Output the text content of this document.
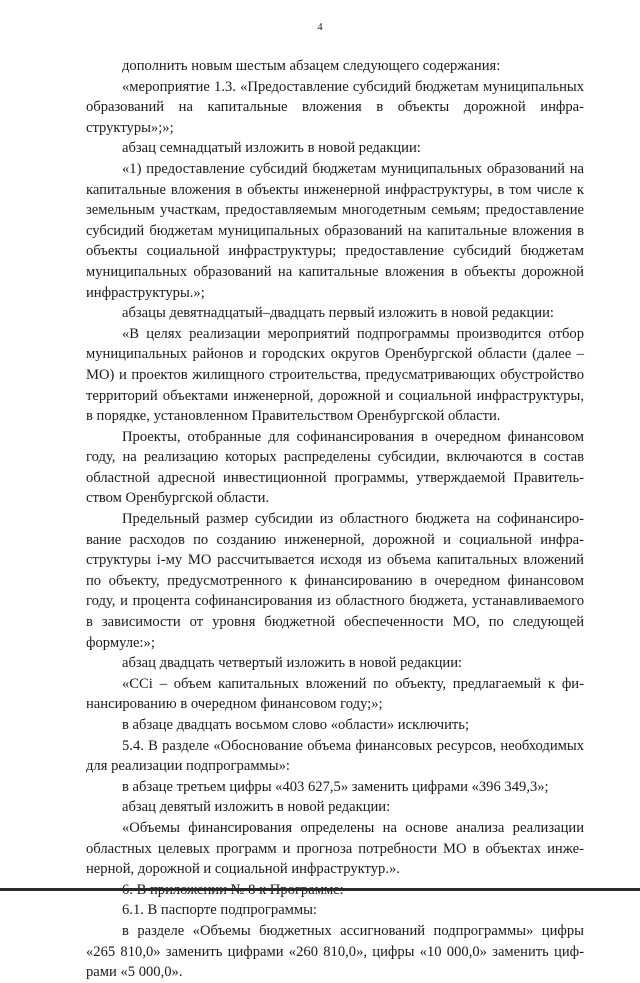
4

дополнить новым шестым абзацем следующего содержания:

«мероприятие 1.3. «Предоставление субсидий бюджетам муниципальных образований на капитальные вложения в объекты дорожной инфраструктуры»;»;

абзац семнадцатый изложить в новой редакции:

«1) предоставление субсидий бюджетам муниципальных образований на капитальные вложения в объекты инженерной инфраструктуры, в том числе к земельным участкам, предоставляемым многодетным семьям; предоставление субсидий бюджетам муниципальных образований на капитальные вложения в объекты социальной инфраструктуры; предоставление субсидий бюджетам муниципальных образований на капитальные вложения в объекты дорожной инфраструктуры.»;

абзацы девятнадцатый–двадцать первый изложить в новой редакции:

«В целях реализации мероприятий подпрограммы производится отбор муниципальных районов и городских округов Оренбургской области (далее – МО) и проектов жилищного строительства, предусматривающих обустройство территорий объектами инженерной, дорожной и социальной инфраструктуры, в порядке, установленном Правительством Оренбургской области.

Проекты, отобранные для софинансирования в очередном финансовом году, на реализацию которых распределены субсидии, включаются в состав областной адресной инвестиционной программы, утверждаемой Правительством Оренбургской области.

Предельный размер субсидии из областного бюджета на софинансирование расходов по созданию инженерной, дорожной и социальной инфраструктуры i-му МО рассчитывается исходя из объема капитальных вложений по объекту, предусмотренного к финансированию в очередном финансовом году, и процента софинансирования из областного бюджета, устанавливаемого в зависимости от уровня бюджетной обеспеченности МО, по следующей формуле:»;

абзац двадцать четвертый изложить в новой редакции:

«ССi – объем капитальных вложений по объекту, предлагаемый к финансированию в очередном финансовом году;»;

в абзаце двадцать восьмом слово «области» исключить;

5.4. В разделе «Обоснование объема финансовых ресурсов, необходимых для реализации подпрограммы»:

в абзаце третьем цифры «403 627,5» заменить цифрами «396 349,3»;

абзац девятый изложить в новой редакции:

«Объемы финансирования определены на основе анализа реализации областных целевых программ и прогноза потребности МО в объектах инженерной, дорожной и социальной инфраструктур.».

6.1. В паспорте подпрограммы:

в разделе «Объемы бюджетных ассигнований подпрограммы» цифры «265 810,0» заменить цифрами «260 810,0», цифры «10 000,0» заменить цифрами «5 000,0».
